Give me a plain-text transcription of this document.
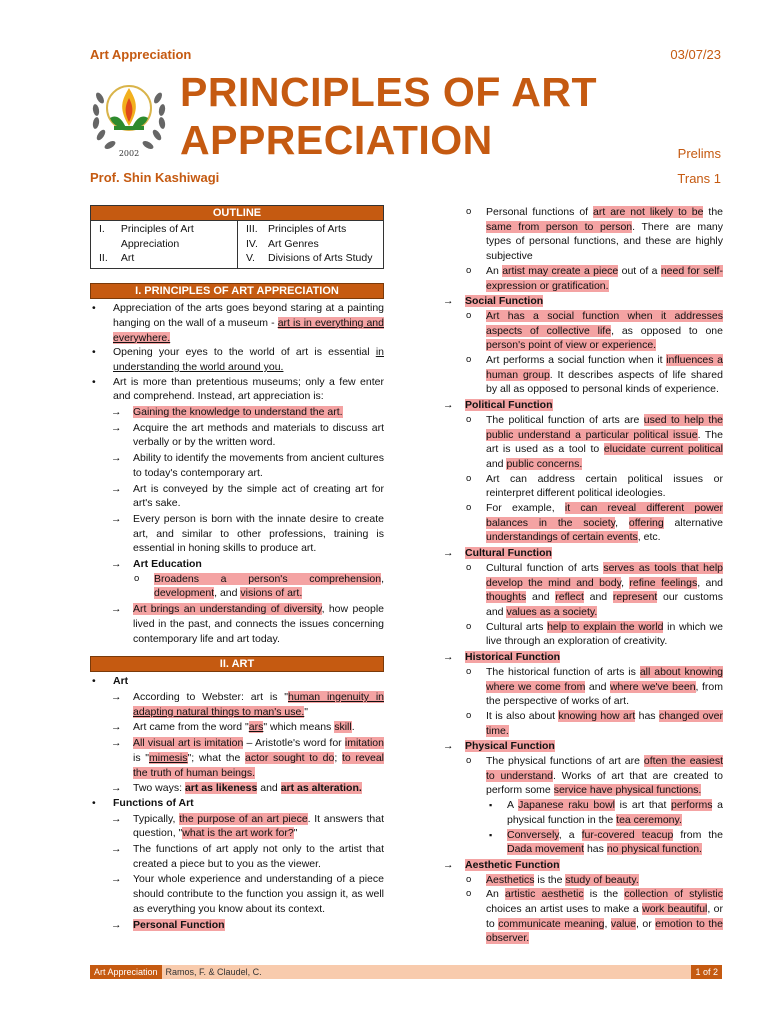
Art Appreciation	03/07/23
2002
PRINCIPLES OF ART
APPRECIATION
Prof. Shin Kashiwagi
Prelims
Trans 1
OUTLINE
I.	Principles of Art Appreciation
II.	Art
III. Principles of Arts
IV. Art Genres
V.	Divisions of Arts Study
I. PRINCIPLES OF ART APPRECIATION
• Appreciation of the arts goes beyond staring at a painting hanging on the wall of a museum - art is in everything and everywhere.
• Opening your eyes to the world of art is essential in understanding the world around you.
• Art is more than pretentious museums; only a few enter and comprehend. Instead, art appreciation is:
→ Gaining the knowledge to understand the art.
→ Acquire the art methods and materials to discuss art verbally or by the written word.
→ Ability to identify the movements from ancient cultures to today's contemporary art.
→ Art is conveyed by the simple act of creating art for art's sake.
→ Every person is born with the innate desire to create art, and similar to other professions, training is essential in honing skills to produce art.
→ Art Education
o Broadens a person's comprehension, development, and visions of art.
→ Art brings an understanding of diversity, how people lived in the past, and connects the issues concerning contemporary life and art today.
II. ART
• Art
→ According to Webster: art is "human ingenuity in adapting natural things to man's use."
→ Art came from the word "ars" which means skill.
→ All visual art is imitation – Aristotle's word for imitation is "mimesis"; what the actor sought to do; to reveal the truth of human beings.
→ Two ways: art as likeness and art as alteration.
• Functions of Art
→ Typically, the purpose of an art piece. It answers that question, "what is the art work for?"
→ The functions of art apply not only to the artist that created a piece but to you as the viewer.
→ Your whole experience and understanding of a piece should contribute to the function you assign it, as well as everything you know about its context.
→ Personal Function
o Personal functions of art are not likely to be the same from person to person. There are many types of personal functions, and these are highly subjective
o An artist may create a piece out of a need for self-expression or gratification.
→ Social Function
o Art has a social function when it addresses aspects of collective life, as opposed to one person's point of view or experience.
o Art performs a social function when it influences a human group. It describes aspects of life shared by all as opposed to personal kinds of experience.
→ Political Function
o The political function of arts are used to help the public understand a particular political issue. The art is used as a tool to elucidate current political and public concerns.
o Art can address certain political issues or reinterpret different political ideologies.
o For example, it can reveal different power balances in the society, offering alternative understandings of certain events, etc.
→ Cultural Function
o Cultural function of arts serves as tools that help develop the mind and body, refine feelings, and thoughts and reflect and represent our customs and values as a society.
o Cultural arts help to explain the world in which we live through an exploration of creativity.
→ Historical Function
o The historical function of arts is all about knowing where we come from and where we've been, from the perspective of works of art.
o It is also about knowing how art has changed over time.
→ Physical Function
o The physical functions of art are often the easiest to understand. Works of art that are created to perform some service have physical functions.
▪ A Japanese raku bowl is art that performs a physical function in the tea ceremony.
▪ Conversely, a fur-covered teacup from the Dada movement has no physical function.
→ Aesthetic Function
o Aesthetics is the study of beauty.
o An artistic aesthetic is the collection of stylistic choices an artist uses to make a work beautiful, or to communicate meaning, value, or emotion to the observer.
Art Appreciation Ramos, F. & Claudel, C.	1 of 2
